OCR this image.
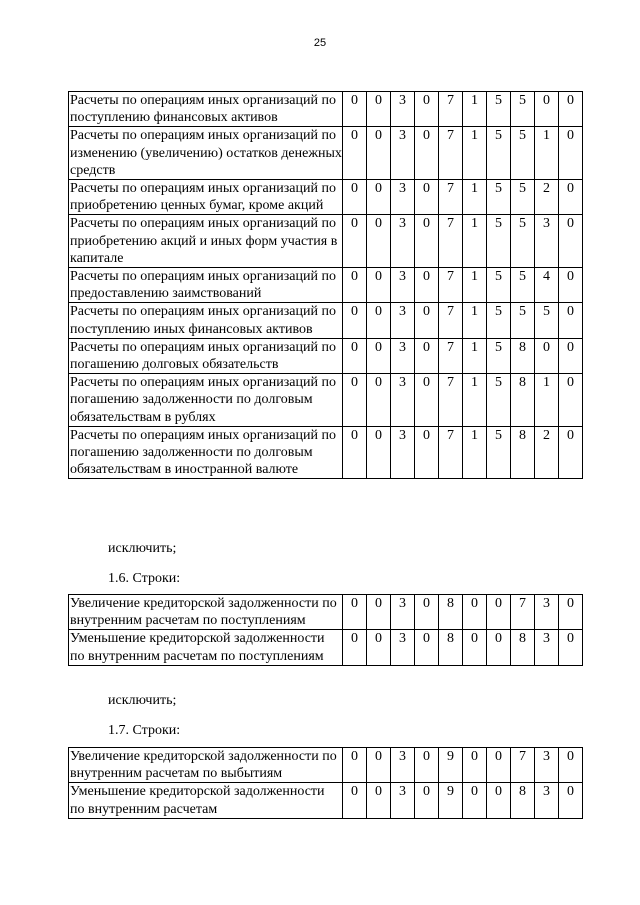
25
Расчеты по операциям иных организаций по поступлению финансовых активов	0	0	3	0	7	1	5	5	0	0
Расчеты по операциям иных организаций по изменению (увеличению) остатков денежных средств	0	0	3	0	7	1	5	5	1	0
Расчеты по операциям иных организаций по приобретению ценных бумаг, кроме акций	0	0	3	0	7	1	5	5	2	0
Расчеты по операциям иных организаций по приобретению акций и иных форм участия в капитале	0	0	3	0	7	1	5	5	3	0
Расчеты по операциям иных организаций по предоставлению заимствований	0	0	3	0	7	1	5	5	4	0
Расчеты по операциям иных организаций по поступлению иных финансовых активов	0	0	3	0	7	1	5	5	5	0
Расчеты по операциям иных организаций по погашению долговых обязательств	0	0	3	0	7	1	5	8	0	0
Расчеты по операциям иных организаций по погашению задолженности по долговым обязательствам в рублях	0	0	3	0	7	1	5	8	1	0
Расчеты по операциям иных организаций по погашению задолженности по долговым обязательствам в иностранной валюте	0	0	3	0	7	1	5	8	2	0
исключить;
1.6. Строки:
Увеличение кредиторской задолженности по внутренним расчетам по поступлениям	0	0	3	0	8	0	0	7	3	0
Уменьшение кредиторской задолженности по внутренним расчетам по поступлениям	0	0	3	0	8	0	0	8	3	0
исключить;
1.7. Строки:
Увеличение кредиторской задолженности по внутренним расчетам по выбытиям	0	0	3	0	9	0	0	7	3	0
Уменьшение кредиторской задолженности по внутренним расчетам	0	0	3	0	9	0	0	8	3	0
